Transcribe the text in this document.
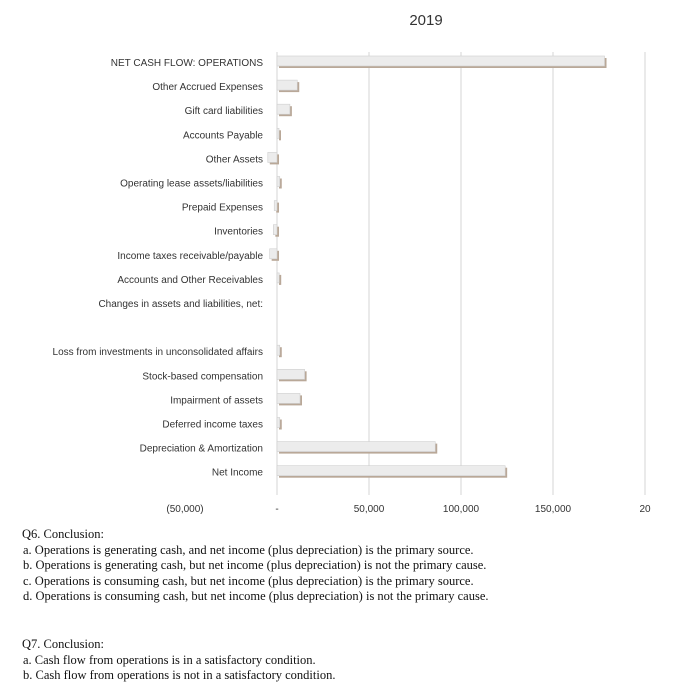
2019
NET CASH FLOW: OPERATIONS
Other Accrued Expenses
Gift card liabilities
Accounts Payable
Other Assets
Operating lease assets/liabilities
Prepaid Expenses
Inventories
Income taxes receivable/payable
Accounts and Other Receivables
Changes in assets and liabilities, net:
Loss from investments in unconsolidated affairs
Stock-based compensation
Impairment of assets
Deferred income taxes
Depreciation & Amortization
Net Income
(50,000)	-	50,000	100,000	150,000	20
Q6. Conclusion:
a. Operations is generating cash, and net income (plus depreciation) is the primary source.
b. Operations is generating cash, but net income (plus depreciation) is not the primary cause.
c. Operations is consuming cash, but net income (plus depreciation) is the primary source.
d. Operations is consuming cash, but net income (plus depreciation) is not the primary cause.
Q7. Conclusion:
a. Cash flow from operations is in a satisfactory condition.
b. Cash flow from operations is not in a satisfactory condition.
